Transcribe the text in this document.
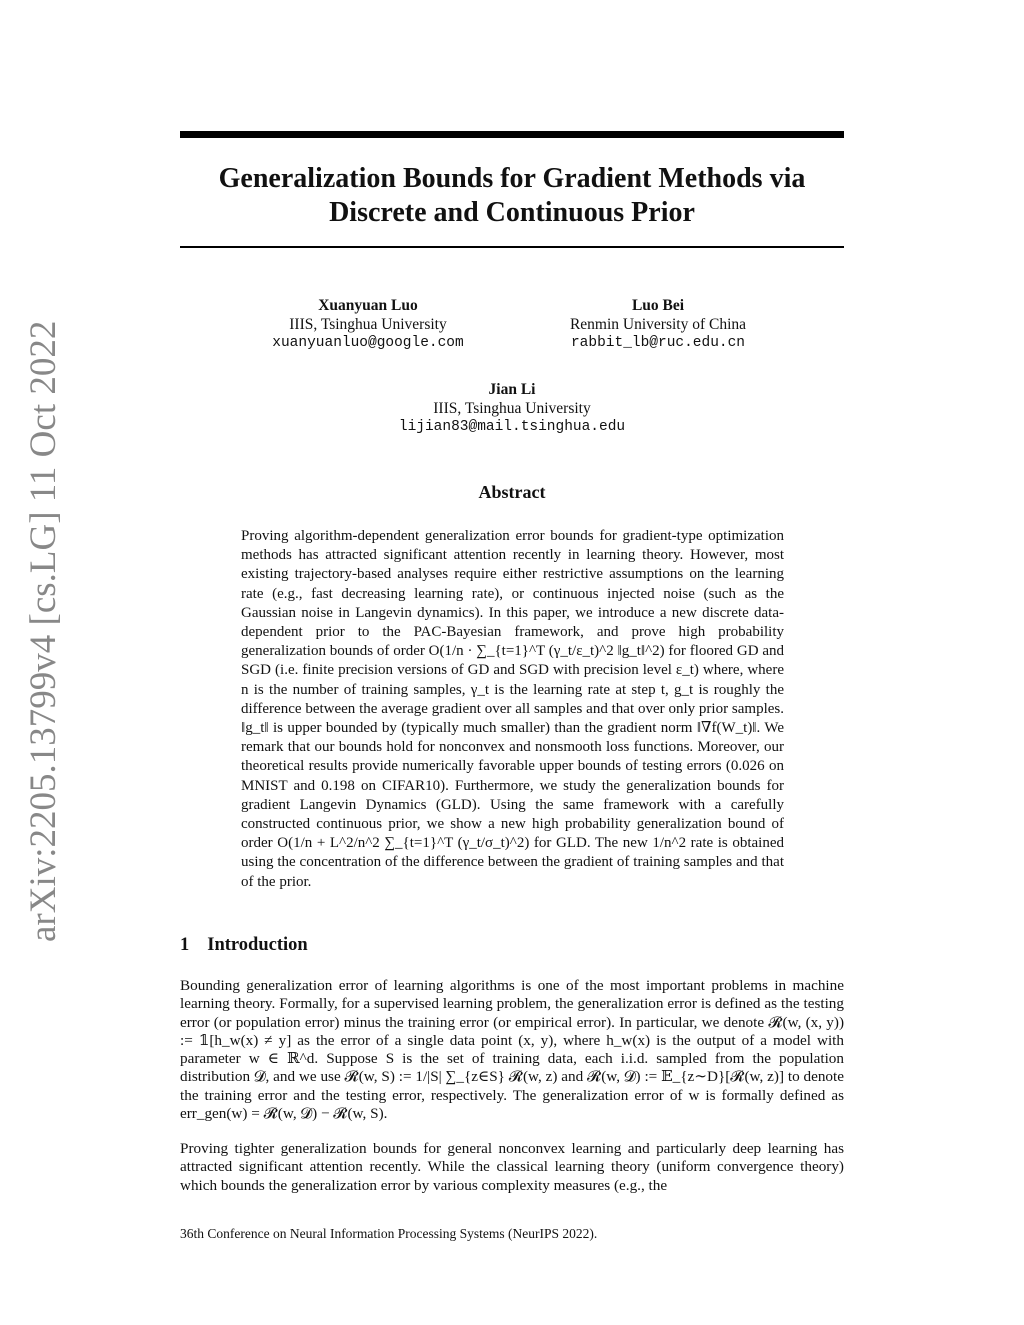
arXiv:2205.13799v4 [cs.LG] 11 Oct 2022
Generalization Bounds for Gradient Methods via
Discrete and Continuous Prior
Xuanyuan Luo
IIIS, Tsinghua University
xuanyuanluo@google.com
Luo Bei
Renmin University of China
rabbit_lb@ruc.edu.cn
Jian Li
IIIS, Tsinghua University
lijian83@mail.tsinghua.edu
Abstract

Proving algorithm-dependent generalization error bounds for gradient-type optimization methods has attracted significant attention recently in learning theory. However, most existing trajectory-based analyses require either restrictive assumptions on the learning rate (e.g., fast decreasing learning rate), or continuous injected noise (such as the Gaussian noise in Langevin dynamics). In this paper, we introduce a new discrete data-dependent prior to the PAC-Bayesian framework, and prove high probability generalization bounds of order O(1/n · ∑_{t=1}^T (γ_t/ε_t)^2 ‖g_t‖^2) for floored GD and SGD (i.e. finite precision versions of GD and SGD with precision level ε_t) where, where n is the number of training samples, γ_t is the learning rate at step t, g_t is roughly the difference between the average gradient over all samples and that over only prior samples. ‖g_t‖ is upper bounded by (typically much smaller) than the gradient norm ‖∇f(W_t)‖. We remark that our bounds hold for nonconvex and nonsmooth loss functions. Moreover, our theoretical results provide numerically favorable upper bounds of testing errors (0.026 on MNIST and 0.198 on CIFAR10). Furthermore, we study the generalization bounds for gradient Langevin Dynamics (GLD). Using the same framework with a carefully constructed continuous prior, we show a new high probability generalization bound of order O(1/n + L^2/n^2 ∑_{t=1}^T (γ_t/σ_t)^2) for GLD. The new 1/n^2 rate is obtained using the concentration of the difference between the gradient of training samples and that of the prior.

1 Introduction

Bounding generalization error of learning algorithms is one of the most important problems in machine learning theory. Formally, for a supervised learning problem, the generalization error is defined as the testing error (or population error) minus the training error (or empirical error). In particular, we denote 𝓡(w, (x, y)) := 𝟙[h_w(x) ≠ y] as the error of a single data point (x, y), where h_w(x) is the output of a model with parameter w ∈ ℝ^d. Suppose S is the set of training data, each i.i.d. sampled from the population distribution 𝓓, and we use 𝓡(w, S) := 1/|S| ∑_{z∈S} 𝓡(w, z) and 𝓡(w, 𝓓) := 𝔼_{z∼D}[𝓡(w, z)] to denote the training error and the testing error, respectively. The generalization error of w is formally defined as err_gen(w) = 𝓡(w, 𝓓) − 𝓡(w, S).

Proving tighter generalization bounds for general nonconvex learning and particularly deep learning has attracted significant attention recently. While the classical learning theory (uniform convergence theory) which bounds the generalization error by various complexity measures (e.g., the

36th Conference on Neural Information Processing Systems (NeurIPS 2022).
